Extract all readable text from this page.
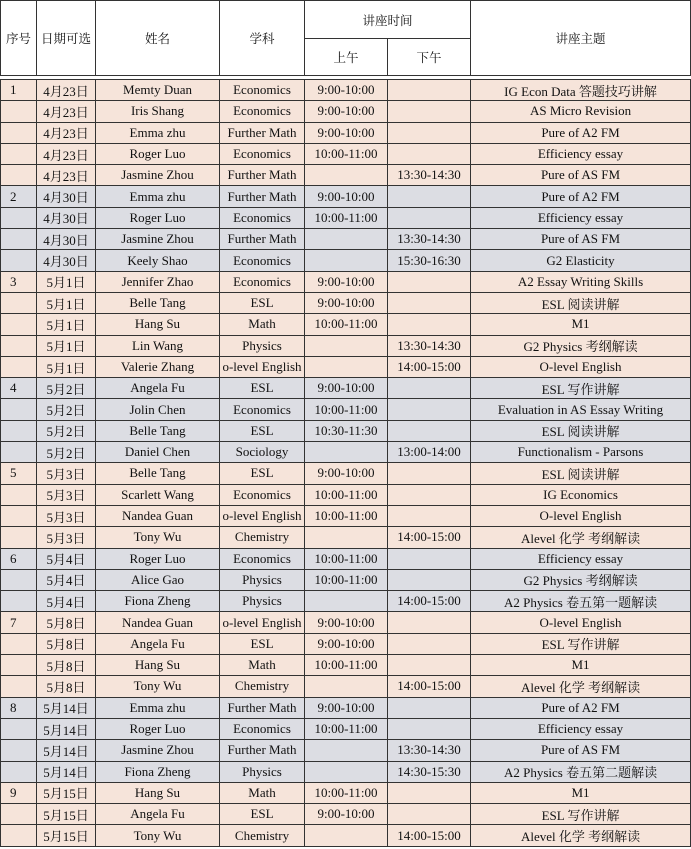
序号	日期可选	姓名	学科	讲座时间		讲座主题
				上午	下午	

1	4月23日	Memty Duan	Economics	9:00-10:00		IG Econ Data 答题技巧讲解
	4月23日	Iris Shang	Economics	9:00-10:00		AS Micro Revision
	4月23日	Emma zhu	Further Math	9:00-10:00		Pure of A2 FM
	4月23日	Roger Luo	Economics	10:00-11:00		Efficiency essay
	4月23日	Jasmine Zhou	Further Math		13:30-14:30	Pure of AS FM
2	4月30日	Emma zhu	Further Math	9:00-10:00		Pure of A2 FM
	4月30日	Roger Luo	Economics	10:00-11:00		Efficiency essay
	4月30日	Jasmine Zhou	Further Math		13:30-14:30	Pure of AS FM
	4月30日	Keely Shao	Economics		15:30-16:30	G2 Elasticity
3	5月1日	Jennifer Zhao	Economics	9:00-10:00		A2 Essay Writing Skills
	5月1日	Belle Tang	ESL	9:00-10:00		ESL 阅读讲解
	5月1日	Hang Su	Math	10:00-11:00		M1
	5月1日	Lin Wang	Physics		13:30-14:30	G2 Physics 考纲解读
	5月1日	Valerie Zhang	o-level English		14:00-15:00	O-level English
4	5月2日	Angela Fu	ESL	9:00-10:00		ESL 写作讲解
	5月2日	Jolin Chen	Economics	10:00-11:00		Evaluation in AS Essay Writing
	5月2日	Belle Tang	ESL	10:30-11:30		ESL 阅读讲解
	5月2日	Daniel Chen	Sociology		13:00-14:00	Functionalism - Parsons
5	5月3日	Belle Tang	ESL	9:00-10:00		ESL 阅读讲解
	5月3日	Scarlett Wang	Economics	10:00-11:00		IG Economics
	5月3日	Nandea Guan	o-level English	10:00-11:00		O-level English
	5月3日	Tony Wu	Chemistry		14:00-15:00	Alevel 化学 考纲解读
6	5月4日	Roger Luo	Economics	10:00-11:00		Efficiency essay
	5月4日	Alice Gao	Physics	10:00-11:00		G2 Physics 考纲解读
	5月4日	Fiona Zheng	Physics		14:00-15:00	A2 Physics 卷五第一题解读
7	5月8日	Nandea Guan	o-level English	9:00-10:00		O-level English
	5月8日	Angela Fu	ESL	9:00-10:00		ESL 写作讲解
	5月8日	Hang Su	Math	10:00-11:00		M1
	5月8日	Tony Wu	Chemistry		14:00-15:00	Alevel 化学 考纲解读
8	5月14日	Emma zhu	Further Math	9:00-10:00		Pure of A2 FM
	5月14日	Roger Luo	Economics	10:00-11:00		Efficiency essay
	5月14日	Jasmine Zhou	Further Math		13:30-14:30	Pure of AS FM
	5月14日	Fiona Zheng	Physics		14:30-15:30	A2 Physics 卷五第二题解读
9	5月15日	Hang Su	Math	10:00-11:00		M1
	5月15日	Angela Fu	ESL	9:00-10:00		ESL 写作讲解
	5月15日	Tony Wu	Chemistry		14:00-15:00	Alevel 化学 考纲解读
